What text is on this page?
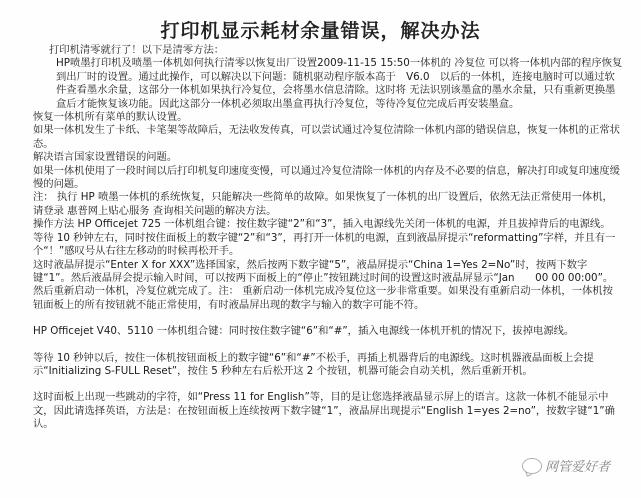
打印机显示耗材余量错误，解决办法

打印机清零就行了！以下是清零方法：

HP喷墨打印机及喷墨一体机如何执行清零以恢复出厂设置2009-11-15 15:50一体机的 冷复位 可以将一体机内部的程序恢复到出厂时的设置。通过此操作，可以解决以下问题：随机驱动程序版本高于　V6.0　以后的一体机，连接电脑时可以通过软件查看墨水余量，这部分一体机如果执行冷复位，会将墨水信息清除。这时将 无法识别该墨盒的墨水余量，只有重新更换墨盒后才能恢复该功能。因此这部分一体机必须取出墨盒再执行冷复位，等待冷复位完成后再安装墨盒。

恢复一体机所有菜单的默认设置。

如果一体机发生了卡纸、卡笔架等故障后，无法收发传真，可以尝试通过冷复位清除一体机内部的错误信息，恢复一体机的正常状态。

解决语言国家设置错误的问题。

如果一体机使用了一段时间以后打印机复印速度变慢，可以通过冷复位清除一体机的内存及不必要的信息，解决打印或复印速度缓慢的问题。

注： 执行 HP 喷墨一体机的系统恢复，只能解决一些简单的故障。如果恢复了一体机的出厂设置后，依然无法正常使用一体机，请登录 惠普网上贴心服务 查询相关问题的解决方法。

操作方法 HP Officejet 725 一体机组合键：按住数字键“2”和“3”，插入电源线先关闭一体机的电源，并且拔掉背后的电源线。

等待 10 秒钟左右，同时按住面板上的数字键“2”和“3”，再打开一体机的电源，直到液晶屏提示“reformatting”字样，并且有一个“！”感叹号从右往左移动的时候再松开手。

这时液晶屏提示“Enter X for XXX”选择国家，然后按两下数字键“5”，液晶屏提示“China 1=Yes 2=No”时，按两下数字键“1”。然后液晶屏会提示输入时间，可以按两下面板上的“停止”按钮跳过时间的设置这时液晶屏显示“Jan　　00 00 00:00”。

然后重新启动一体机，冷复位就完成了。注： 重新启动一体机完成冷复位这一步非常重要。如果没有重新启动一体机，一体机按钮面板上的所有按钮就不能正常使用，有时液晶屏出现的数字与输入的数字可能不符。

HP Officejet V40、5110 一体机组合键：同时按住数字键“6”和“#”，插入电源线一体机开机的情况下，拔掉电源线。

等待 10 秒钟以后，按住一体机按钮面板上的数字键“6”和“#”不松手，再插上机器背后的电源线。这时机器液晶面板上会提示“Initializing S-FULL Reset”，按住 5 秒种左右后松开这 2 个按钮，机器可能会自动关机，然后重新开机。

这时面板上出现一些跳动的字符，如“Press 11 for English”等，目的是让您选择液晶显示屏上的语言。这款一体机不能显示中文，因此请选择英语，方法是：在按钮面板上连续按两下数字键“1”，液晶屏出现提示“English 1=yes 2=no”，按数字键“1”确认。

网管爱好者
